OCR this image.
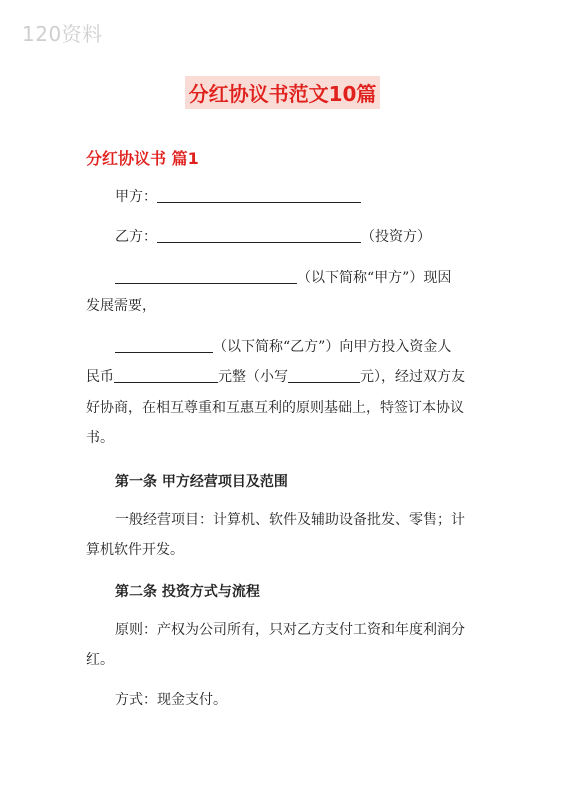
120资料
分红协议书范文10篇
分红协议书 篇1
甲方：
乙方：	（投资方）
（以下简称“甲方”）现因
发展需要，
（以下简称“乙方”）向甲方投入资金人
民币	元整（小写	元），经过双方友
好协商，在相互尊重和互惠互利的原则基础上，特签订本协议
书。
第一条 甲方经营项目及范围
一般经营项目：计算机、软件及辅助设备批发、零售；计
算机软件开发。
第二条 投资方式与流程
原则：产权为公司所有，只对乙方支付工资和年度利润分
红。
方式：现金支付。
